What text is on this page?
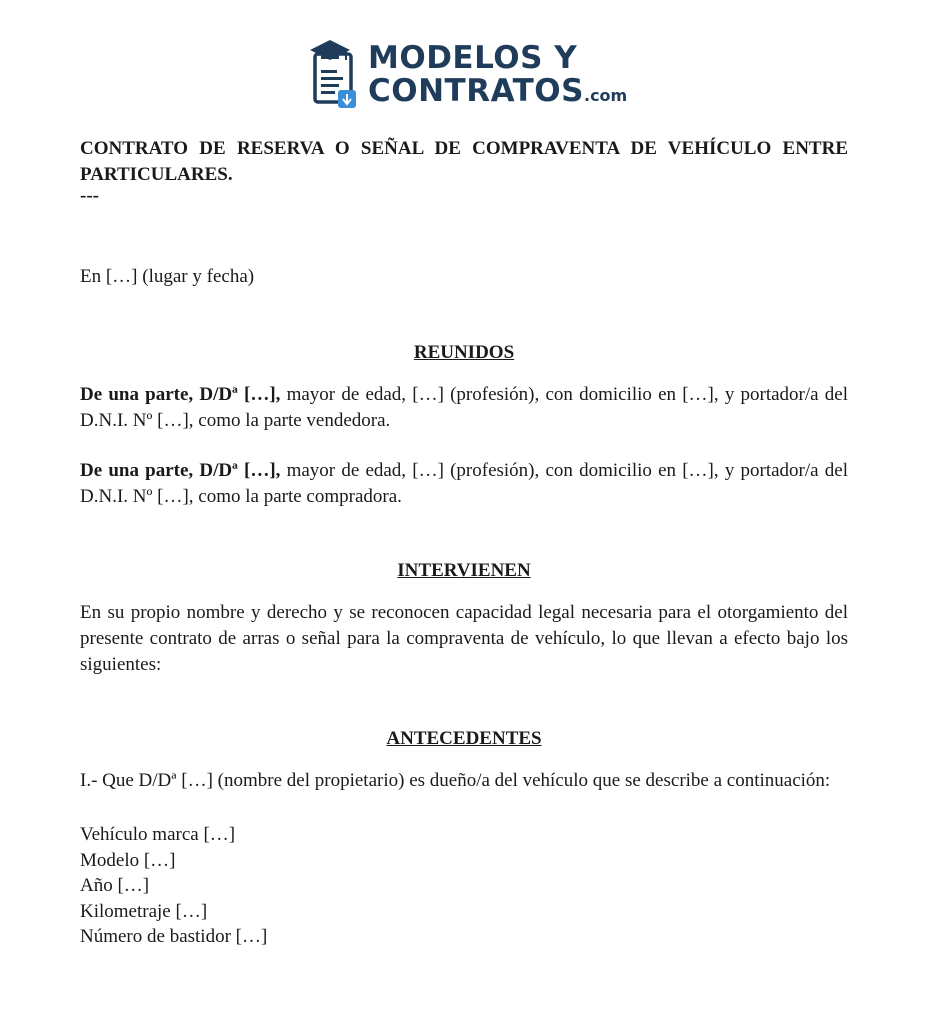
MODELOS Y
CONTRATOS.com

CONTRATO DE RESERVA O SEÑAL DE COMPRAVENTA DE VEHÍCULO ENTRE PARTICULARES.

---

En […] (lugar y fecha)

REUNIDOS

De una parte, D/Dª […], mayor de edad, […] (profesión), con domicilio en […], y portador/a del D.N.I. Nº […], como la parte vendedora.

De una parte, D/Dª […], mayor de edad, […] (profesión), con domicilio en […], y portador/a del D.N.I. Nº […], como la parte compradora.

INTERVIENEN

En su propio nombre y derecho y se reconocen capacidad legal necesaria para el otorgamiento del presente contrato de arras o señal para la compraventa de vehículo, lo que llevan a efecto bajo los siguientes:

ANTECEDENTES

I.- Que D/Dª […] (nombre del propietario) es dueño/a del vehículo que se describe a continuación:

Vehículo marca […]
Modelo […]
Año […]
Kilometraje […]
Número de bastidor […]
